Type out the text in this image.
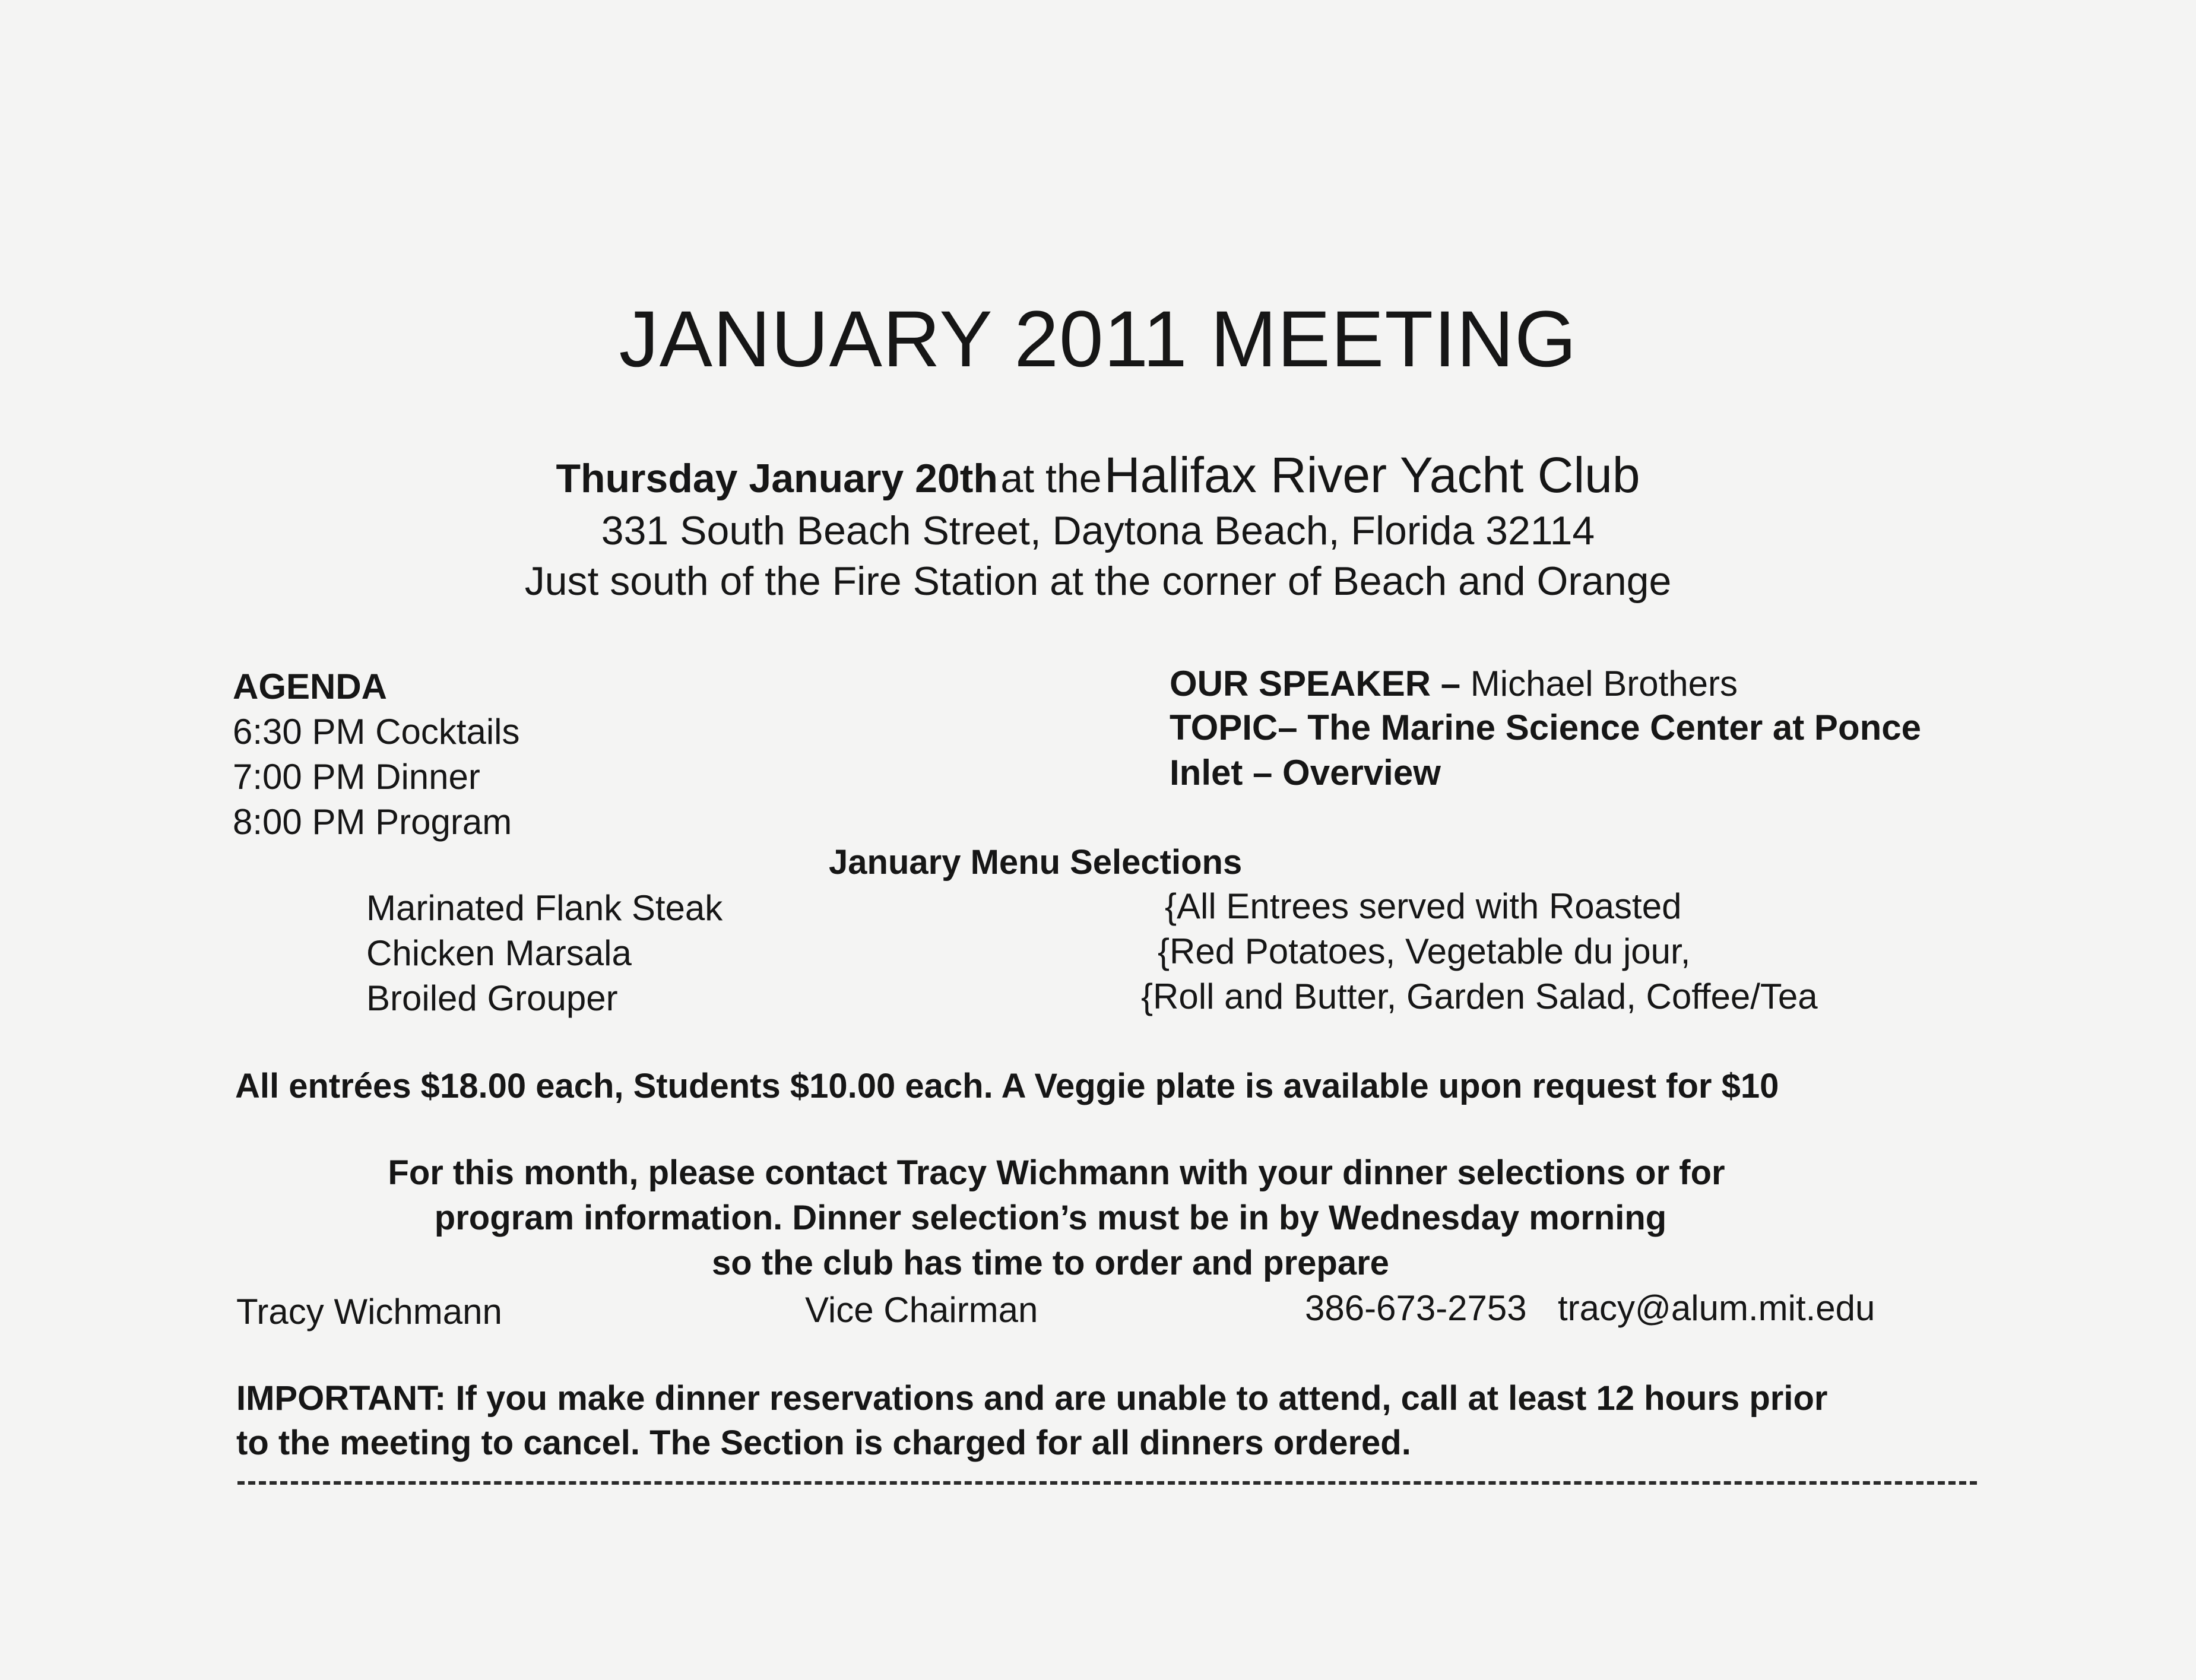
JANUARY 2011 MEETING
Thursday January 20th at the Halifax River Yacht Club
331 South Beach Street, Daytona Beach, Florida 32114
Just south of the Fire Station at the corner of Beach and Orange
AGENDA
6:30 PM Cocktails
7:00 PM Dinner
8:00 PM Program
OUR SPEAKER – Michael Brothers
TOPIC– The Marine Science Center at Ponce
Inlet – Overview
January Menu Selections
Marinated Flank Steak
Chicken Marsala
Broiled Grouper
{All Entrees served with Roasted
{Red Potatoes, Vegetable du jour,
{Roll and Butter, Garden Salad, Coffee/Tea
All entrées $18.00 each, Students $10.00 each. A Veggie plate is available upon request for $10
For this month, please contact Tracy Wichmann with your dinner selections or for
program information. Dinner selection’s must be in by Wednesday morning
so the club has time to order and prepare
Tracy Wichmann	Vice Chairman	386-673-2753 tracy@alum.mit.edu
IMPORTANT: If you make dinner reservations and are unable to attend, call at least 12 hours prior
to the meeting to cancel. The Section is charged for all dinners ordered.
